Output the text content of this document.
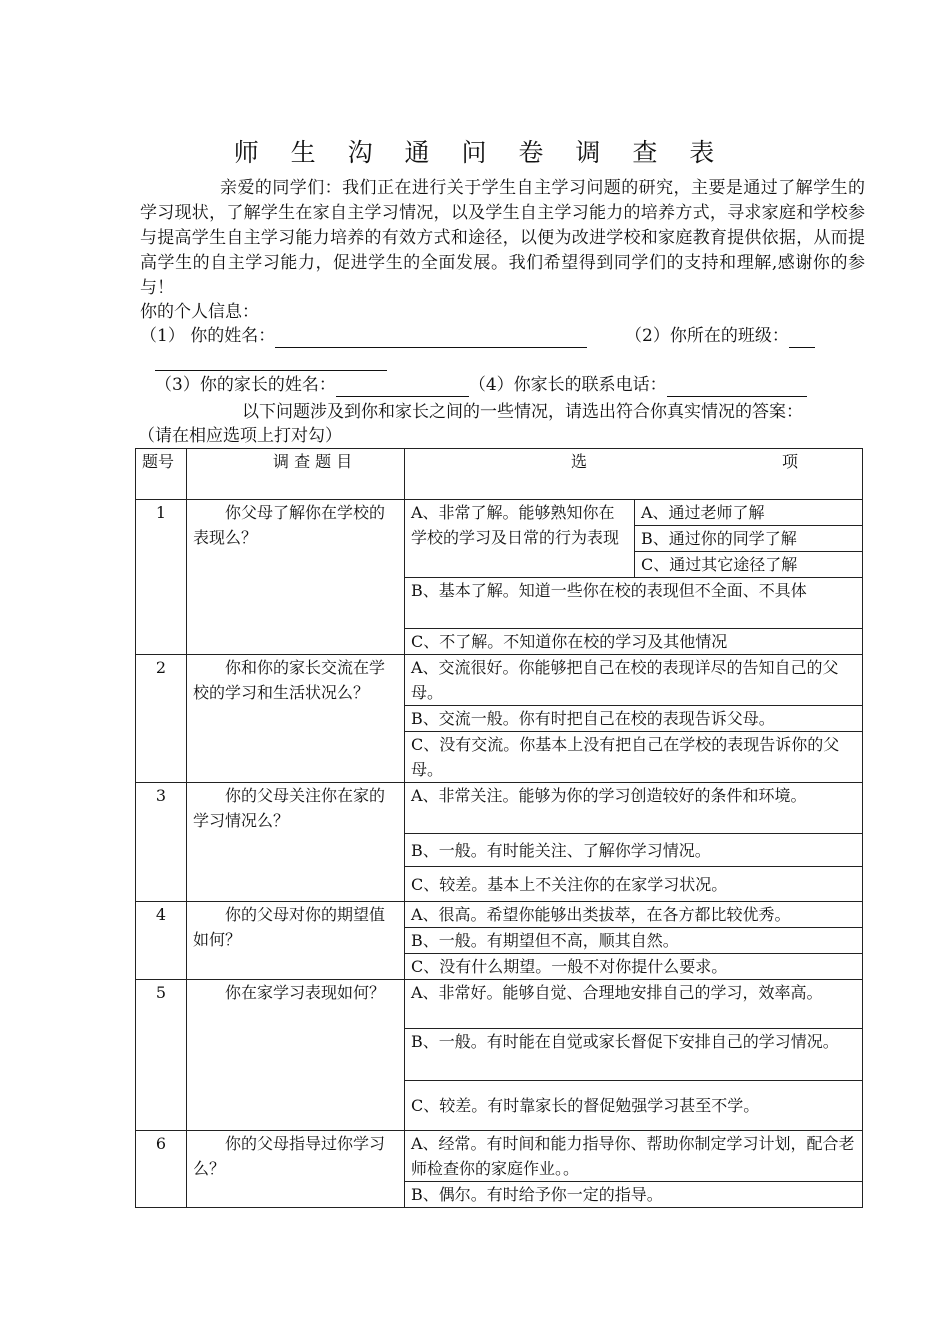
师 生 沟 通 问 卷 调 查 表
亲爱的同学们：我们正在进行关于学生自主学习问题的研究，主要是通过了解学生的学习现状，了解学生在家自主学习情况，以及学生自主学习能力的培养方式，寻求家庭和学校参与提高学生自主学习能力培养的有效方式和途径，以便为改进学校和家庭教育提供依据，从而提高学生的自主学习能力，促进学生的全面发展。我们希望得到同学们的支持和理解,感谢你的参与！
你的个人信息：
（1） 你的姓名：	（2）你所在的班级：
（3）你的家长的姓名：	（4）你家长的联系电话：
以下问题涉及到你和家长之间的一些情况，请选出符合你真实情况的答案：
（请在相应选项上打对勾）
题号	调 查 题 目	选 项	

1	你父母了解你在学校的表现么？	A、非常了解。能够熟知你在学校的学习及日常的行为表现	A、通过老师了解
			B、通过你的同学了解
			C、通过其它途径了解
		B、基本了解。知道一些你在校的表现但不全面、不具体	
		C、不了解。不知道你在校的学习及其他情况	
2	你和你的家长交流在学校的学习和生活状况么？	A、交流很好。你能够把自己在校的表现详尽的告知自己的父母。	
		B、交流一般。你有时把自己在校的表现告诉父母。	
		C、没有交流。你基本上没有把自己在学校的表现告诉你的父母。	
3	你的父母关注你在家的学习情况么？	A、非常关注。能够为你的学习创造较好的条件和环境。	
		B、一般。有时能关注、了解你学习情况。	
		C、较差。基本上不关注你的在家学习状况。	
4	你的父母对你的期望值如何？	A、很高。希望你能够出类拔萃，在各方都比较优秀。	
		B、一般。有期望但不高，顺其自然。	
		C、没有什么期望。一般不对你提什么要求。	
5	你在家学习表现如何？	A、非常好。能够自觉、合理地安排自己的学习，效率高。	
		B、一般。有时能在自觉或家长督促下安排自己的学习情况。	
		C、较差。有时靠家长的督促勉强学习甚至不学。	
6	你的父母指导过你学习么？	A、经常。有时间和能力指导你、帮助你制定学习计划，配合老师检查你的家庭作业。。	
		B、偶尔。有时给予你一定的指导。	
